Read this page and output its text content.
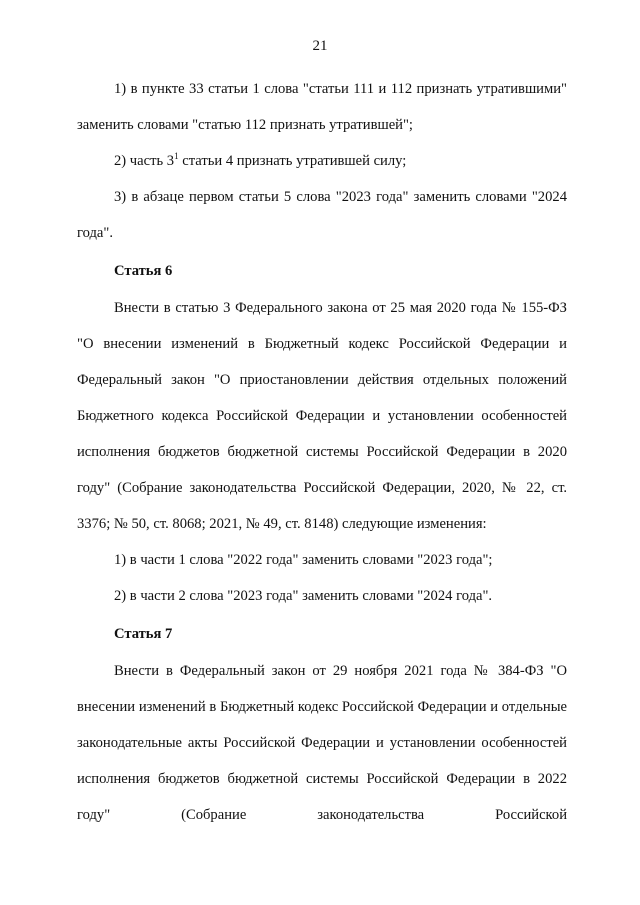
21

1) в пункте 33 статьи 1 слова "статьи 111 и 112 признать утратившими" заменить словами "статью 112 признать утратившей";

2) часть $3^1$ статьи 4 признать утратившей силу;

3) в абзаце первом статьи 5 слова "2023 года" заменить словами "2024 года".

Статья 6

Внести в статью 3 Федерального закона от 25 мая 2020 года № 155-ФЗ "О внесении изменений в Бюджетный кодекс Российской Федерации и Федеральный закон "О приостановлении действия отдельных положений Бюджетного кодекса Российской Федерации и установлении особенностей исполнения бюджетов бюджетной системы Российской Федерации в 2020 году" (Собрание законодательства Российской Федерации, 2020, № 22, ст. 3376; № 50, ст. 8068; 2021, № 49, ст. 8148) следующие изменения:

1) в части 1 слова "2022 года" заменить словами "2023 года";

2) в части 2 слова "2023 года" заменить словами "2024 года".

Статья 7

Внести в Федеральный закон от 29 ноября 2021 года № 384-ФЗ "О внесении изменений в Бюджетный кодекс Российской Федерации и отдельные законодательные акты Российской Федерации и установлении особенностей исполнения бюджетов бюджетной системы Российской Федерации в 2022 году" (Собрание законодательства Российской
